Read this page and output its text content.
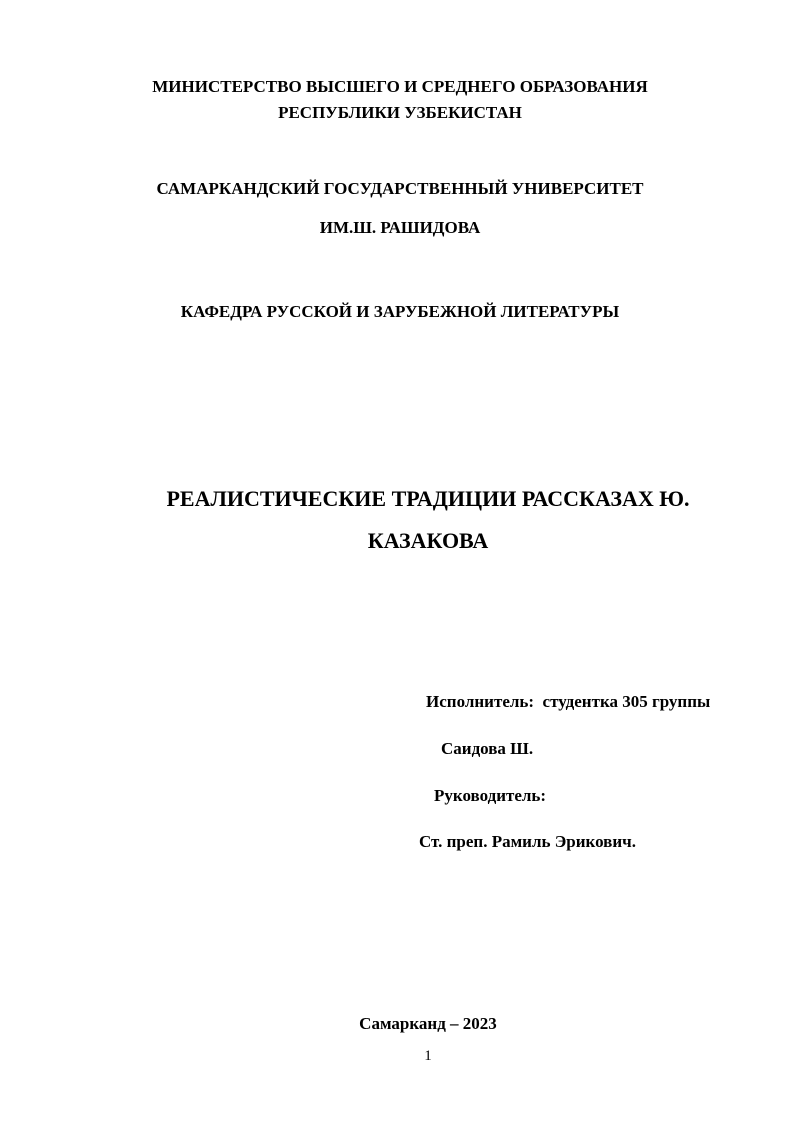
МИНИСТЕРСТВО ВЫСШЕГО И СРЕДНЕГО ОБРАЗОВАНИЯ
РЕСПУБЛИКИ УЗБЕКИСТАН
САМАРКАНДСКИЙ ГОСУДАРСТВЕННЫЙ УНИВЕРСИТЕТ
ИМ.Ш. РАШИДОВА
КАФЕДРА РУССКОЙ И ЗАРУБЕЖНОЙ ЛИТЕРАТУРЫ
РЕАЛИСТИЧЕСКИЕ ТРАДИЦИИ РАССКАЗАХ Ю.
КАЗАКОВА
Исполнитель:  студентка 305 группы
Саидова Ш.
Руководитель:
Ст. преп. Рамиль Эрикович.
Самарканд – 2023
1
